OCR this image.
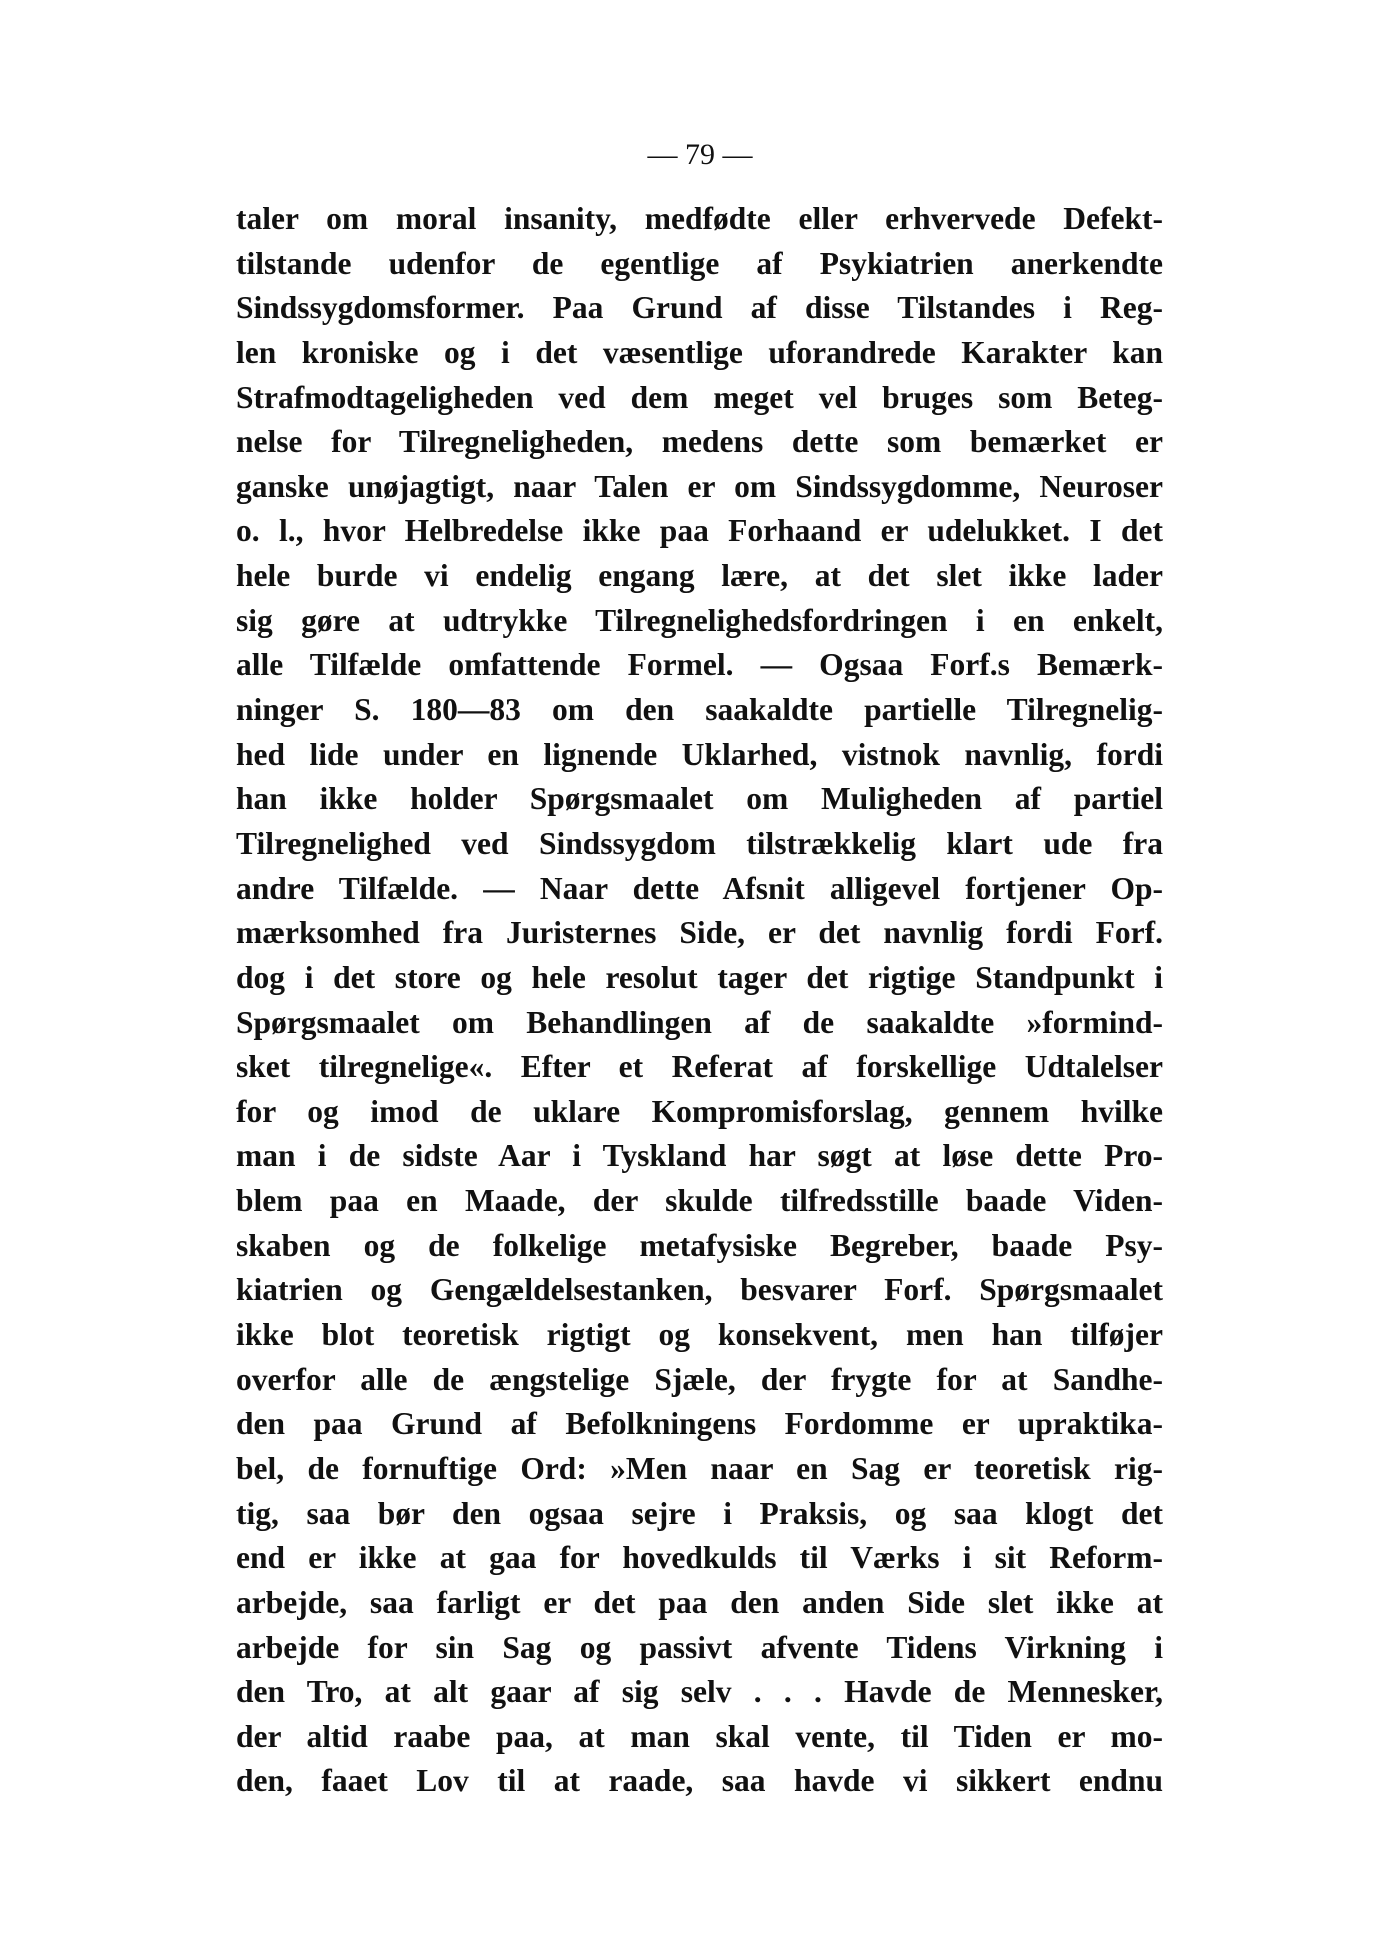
— 79 —
taler om moral insanity, medfødte eller erhvervede Defekt-
tilstande udenfor de egentlige af Psykiatrien anerkendte
Sindssygdomsformer. Paa Grund af disse Tilstandes i Reg-
len kroniske og i det væsentlige uforandrede Karakter kan
Strafmodtageligheden ved dem meget vel bruges som Beteg-
nelse for Tilregneligheden, medens dette som bemærket er
ganske unøjagtigt, naar Talen er om Sindssygdomme, Neuroser
o. l., hvor Helbredelse ikke paa Forhaand er udelukket. I det
hele burde vi endelig engang lære, at det slet ikke lader
sig gøre at udtrykke Tilregnelighedsfordringen i en enkelt,
alle Tilfælde omfattende Formel. — Ogsaa Forf.s Bemærk-
ninger S. 180—83 om den saakaldte partielle Tilregnelig-
hed lide under en lignende Uklarhed, vistnok navnlig, fordi
han ikke holder Spørgsmaalet om Muligheden af partiel
Tilregnelighed ved Sindssygdom tilstrækkelig klart ude fra
andre Tilfælde. — Naar dette Afsnit alligevel fortjener Op-
mærksomhed fra Juristernes Side, er det navnlig fordi Forf.
dog i det store og hele resolut tager det rigtige Standpunkt i
Spørgsmaalet om Behandlingen af de saakaldte »formind-
sket tilregnelige«. Efter et Referat af forskellige Udtalelser
for og imod de uklare Kompromisforslag, gennem hvilke
man i de sidste Aar i Tyskland har søgt at løse dette Pro-
blem paa en Maade, der skulde tilfredsstille baade Viden-
skaben og de folkelige metafysiske Begreber, baade Psy-
kiatrien og Gengældelsestanken, besvarer Forf. Spørgsmaalet
ikke blot teoretisk rigtigt og konsekvent, men han tilføjer
overfor alle de ængstelige Sjæle, der frygte for at Sandhe-
den paa Grund af Befolkningens Fordomme er upraktika-
bel, de fornuftige Ord: »Men naar en Sag er teoretisk rig-
tig, saa bør den ogsaa sejre i Praksis, og saa klogt det
end er ikke at gaa for hovedkulds til Værks i sit Reform-
arbejde, saa farligt er det paa den anden Side slet ikke at
arbejde for sin Sag og passivt afvente Tidens Virkning i
den Tro, at alt gaar af sig selv . . . Havde de Mennesker,
der altid raabe paa, at man skal vente, til Tiden er mo-
den, faaet Lov til at raade, saa havde vi sikkert endnu
